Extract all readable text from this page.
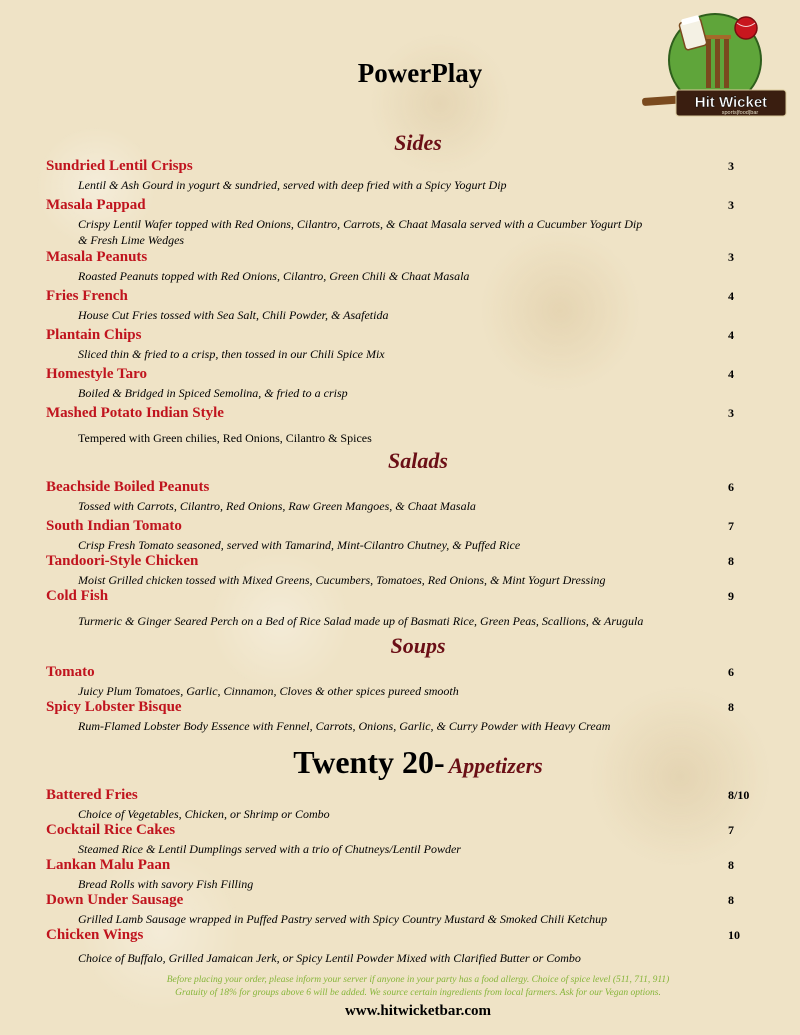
PowerPlay
Hit Wicket
sports|food|bar
Sides
Sundried Lentil Crisps	3
Lentil & Ash Gourd in yogurt & sundried, served with deep fried with a Spicy Yogurt Dip
Masala Pappad	3
Crispy Lentil Wafer topped with Red Onions, Cilantro, Carrots, & Chaat Masala served with a Cucumber Yogurt Dip & Fresh Lime Wedges
Masala Peanuts	3
Roasted Peanuts topped with Red Onions, Cilantro, Green Chili & Chaat Masala
Fries French	4
House Cut Fries tossed with Sea Salt, Chili Powder, & Asafetida
Plantain Chips	4
Sliced thin & fried to a crisp, then tossed in our Chili Spice Mix
Homestyle Taro	4
Boiled & Bridged in Spiced Semolina, & fried to a crisp
Mashed Potato Indian Style	3
Tempered with Green chilies, Red Onions, Cilantro & Spices
Salads
Beachside Boiled Peanuts	6
Tossed with Carrots, Cilantro, Red Onions, Raw Green Mangoes, & Chaat Masala
South Indian Tomato	7
Crisp Fresh Tomato seasoned, served with Tamarind, Mint-Cilantro Chutney, & Puffed Rice
Tandoori-Style Chicken	8
Moist Grilled chicken tossed with Mixed Greens, Cucumbers, Tomatoes, Red Onions, & Mint Yogurt Dressing
Cold Fish	9
Turmeric & Ginger Seared Perch on a Bed of Rice Salad made up of Basmati Rice, Green Peas, Scallions, & Arugula
Soups
Tomato	6
Juicy Plum Tomatoes, Garlic, Cinnamon, Cloves & other spices pureed smooth
Spicy Lobster Bisque	8
Rum-Flamed Lobster Body Essence with Fennel, Carrots, Onions, Garlic, & Curry Powder with Heavy Cream
Twenty 20- Appetizers
Battered Fries	8/10
Choice of Vegetables, Chicken, or Shrimp or Combo
Cocktail Rice Cakes	7
Steamed Rice & Lentil Dumplings served with a trio of Chutneys/Lentil Powder
Lankan Malu Paan	8
Bread Rolls with savory Fish Filling
Down Under Sausage	8
Grilled Lamb Sausage wrapped in Puffed Pastry served with Spicy Country Mustard & Smoked Chili Ketchup
Chicken Wings	10
Choice of Buffalo, Grilled Jamaican Jerk, or Spicy Lentil Powder Mixed with Clarified Butter or Combo
Before placing your order, please inform your server if anyone in your party has a food allergy. Choice of spice level (511, 711, 911)
Gratuity of 18% for groups above 6 will be added. We source certain ingredients from local farmers. Ask for our Vegan options.
www.hitwicketbar.com
